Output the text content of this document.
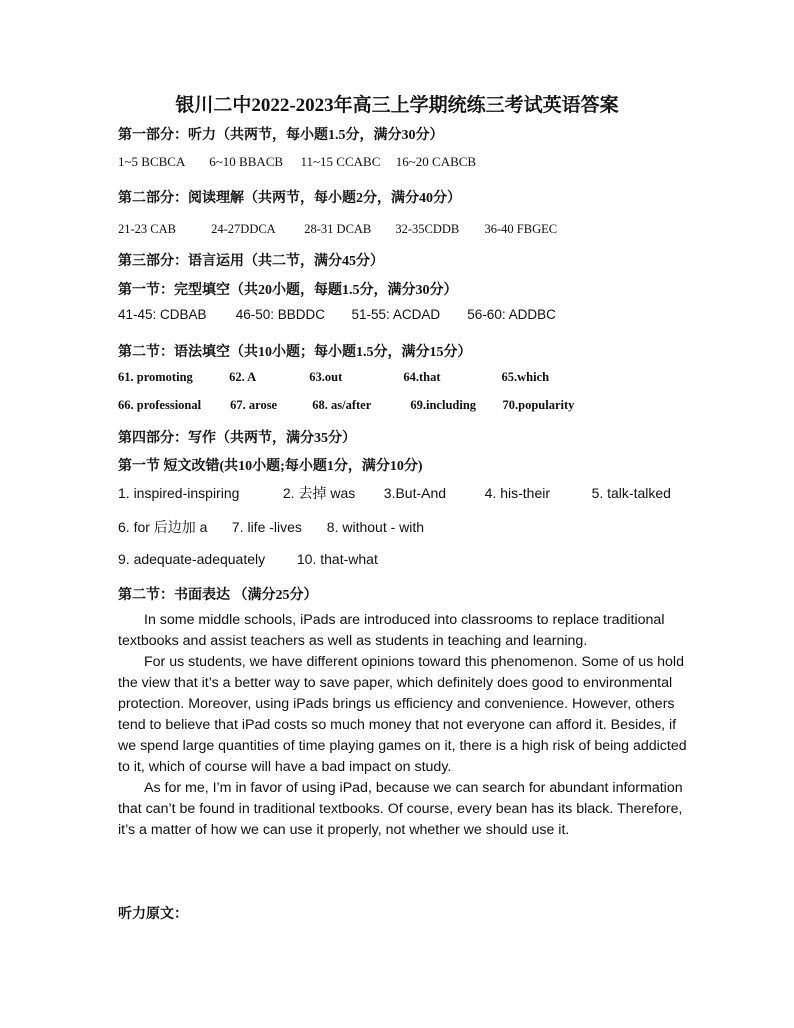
银川二中2022-2023年高三上学期统练三考试英语答案
第一部分：听力（共两节，每小题1.5分，满分30分）
1~5 BCBCA 6~10 BBACB 11~15 CCABC 16~20 CABCB
第二部分：阅读理解（共两节，每小题2分，满分40分）
21-23 CAB	24-27DDCA 28-31 DCAB 32-35CDDB 36-40 FBGEC
第三部分：语言运用（共二节，满分45分）
第一节：完型填空（共20小题，每题1.5分，满分30分）
41-45: CDBAB 46-50: BBDDC 51-55: ACDAD 56-60: ADDBC
第二节：语法填空（共10小题；每小题1.5分，满分15分）
61. promoting	62. A	63.out	64.that	65.which
66. professional 67. arose	68. as/after	69.including 70.popularity
第四部分：写作（共两节，满分35分）
第一节 短文改错(共10小题;每小题1分，满分10分)
1. inspired-inspiring	2. 去掉 was 3.But-And	4. his-their	5. talk-talked
6. for 后边加 a 7. life -lives 8. without - with
9. adequate-adequately 10. that-what
第二节：书面表达 （满分25分）

In some middle schools, iPads are introduced into classrooms to replace traditional textbooks and assist teachers as well as students in teaching and learning.

For us students, we have different opinions toward this phenomenon. Some of us hold the view that it’s a better way to save paper, which definitely does good to environmental protection. Moreover, using iPads brings us efficiency and convenience. However, others tend to believe that iPad costs so much money that not everyone can afford it. Besides, if we spend large quantities of time playing games on it, there is a high risk of being addicted to it, which of course will have a bad impact on study.

As for me, I’m in favor of using iPad, because we can search for abundant information that can’t be found in traditional textbooks. Of course, every bean has its black. Therefore, it’s a matter of how we can use it properly, not whether we should use it.

听力原文：
